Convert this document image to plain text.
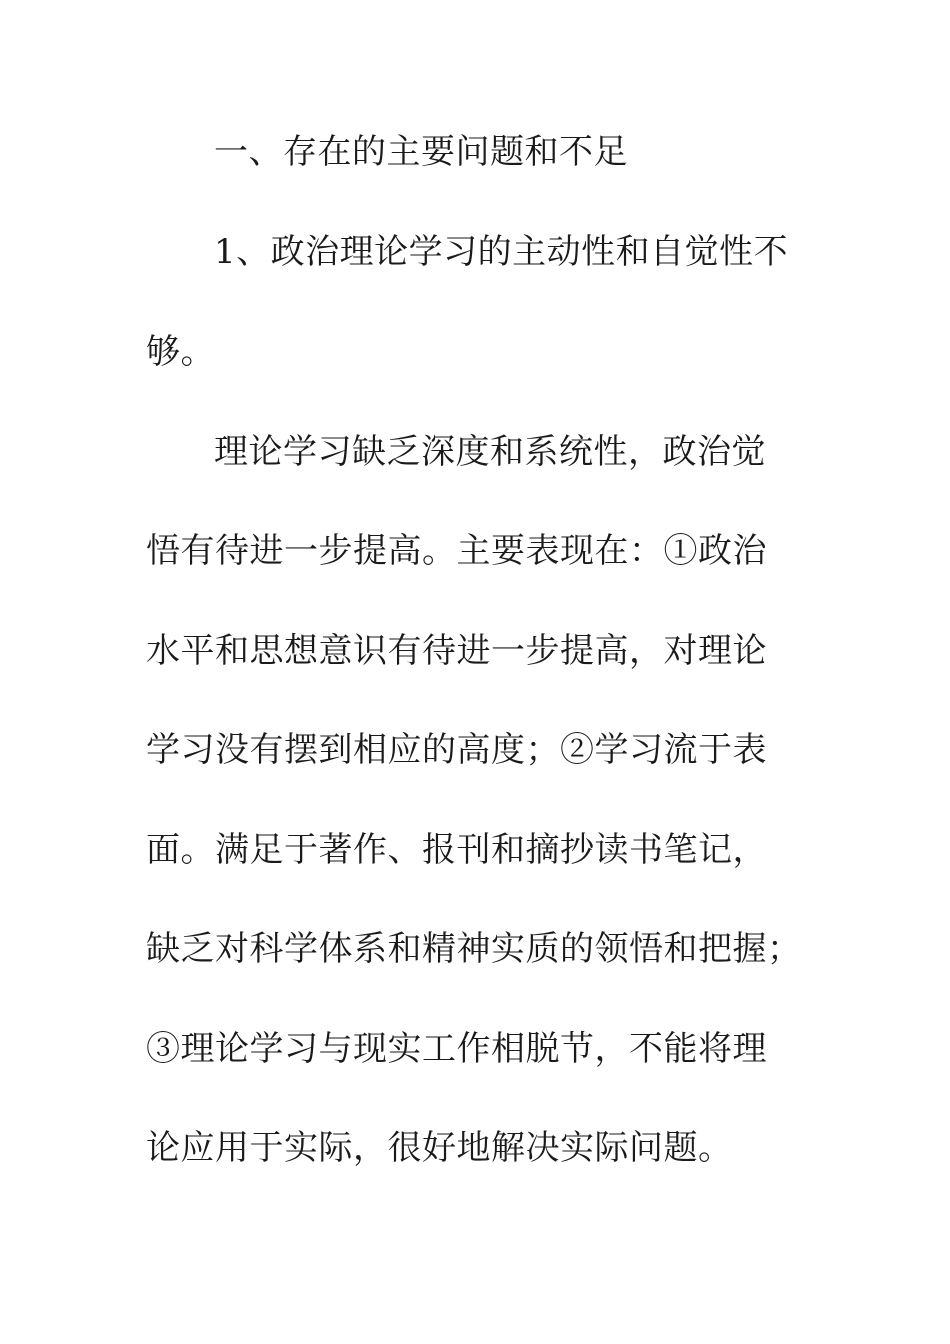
一、存在的主要问题和不足
1、政治理论学习的主动性和自觉性不
够。
理论学习缺乏深度和系统性，政治觉
悟有待进一步提高。主要表现在：①政治
水平和思想意识有待进一步提高，对理论
学习没有摆到相应的高度；②学习流于表
面。满足于著作、报刊和摘抄读书笔记，
缺乏对科学体系和精神实质的领悟和把握；
③理论学习与现实工作相脱节，不能将理
论应用于实际，很好地解决实际问题。
